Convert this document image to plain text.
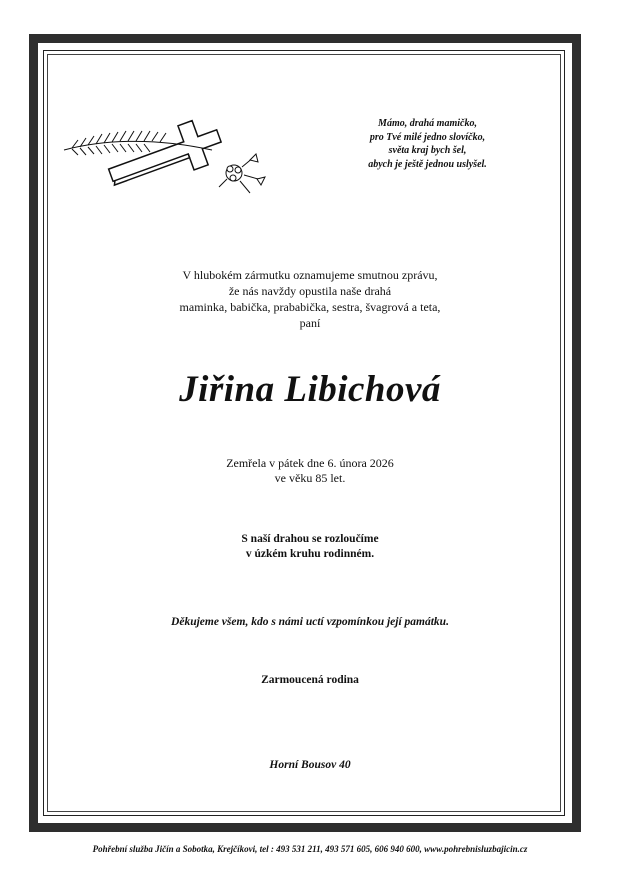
Mámo, drahá mamičko,
pro Tvé milé jedno slovíčko,
světa kraj bych šel,
abych je ještě jednou uslyšel.
V hlubokém zármutku oznamujeme smutnou zprávu,
že nás navždy opustila naše drahá
maminka, babička, prababička, sestra, švagrová a teta,
paní
Jiřina Libichová
Zemřela v pátek dne 6. února 2026
ve věku 85 let.
S naší drahou se rozloučíme
v úzkém kruhu rodinném.
Děkujeme všem, kdo s námi uctí vzpomínkou její památku.
Zarmoucená rodina
Horní Bousov 40
Pohřební služba Jičín a Sobotka, Krejčíkovi, tel : 493 531 211, 493 571 605, 606 940 600, www.pohrebnisluzbajicin.cz
